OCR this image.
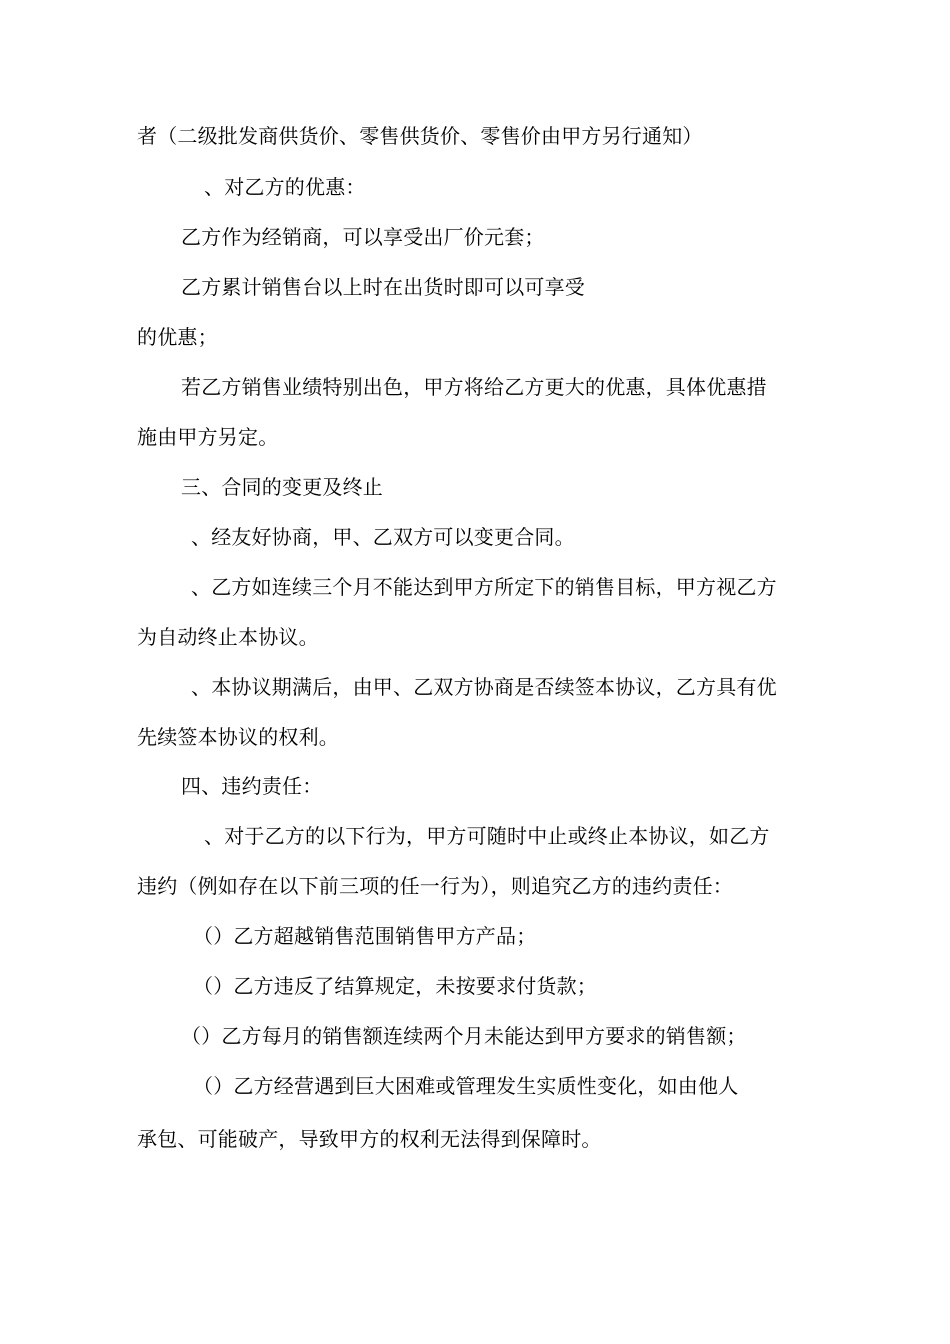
者（二级批发商供货价、零售供货价、零售价由甲方另行通知）
、对乙方的优惠：
乙方作为经销商，可以享受出厂价元套；
乙方累计销售台以上时在出货时即可以可享受
的优惠；
若乙方销售业绩特别出色，甲方将给乙方更大的优惠，具体优惠措
施由甲方另定。
三、合同的变更及终止
、经友好协商，甲、乙双方可以变更合同。
、乙方如连续三个月不能达到甲方所定下的销售目标，甲方视乙方
为自动终止本协议。
、本协议期满后，由甲、乙双方协商是否续签本协议，乙方具有优
先续签本协议的权利。
四、违约责任：
、对于乙方的以下行为，甲方可随时中止或终止本协议，如乙方
违约（例如存在以下前三项的任一行为），则追究乙方的违约责任：
（）乙方超越销售范围销售甲方产品；
（）乙方违反了结算规定，未按要求付货款；
（）乙方每月的销售额连续两个月未能达到甲方要求的销售额；
（）乙方经营遇到巨大困难或管理发生实质性变化，如由他人
承包、可能破产，导致甲方的权利无法得到保障时。
